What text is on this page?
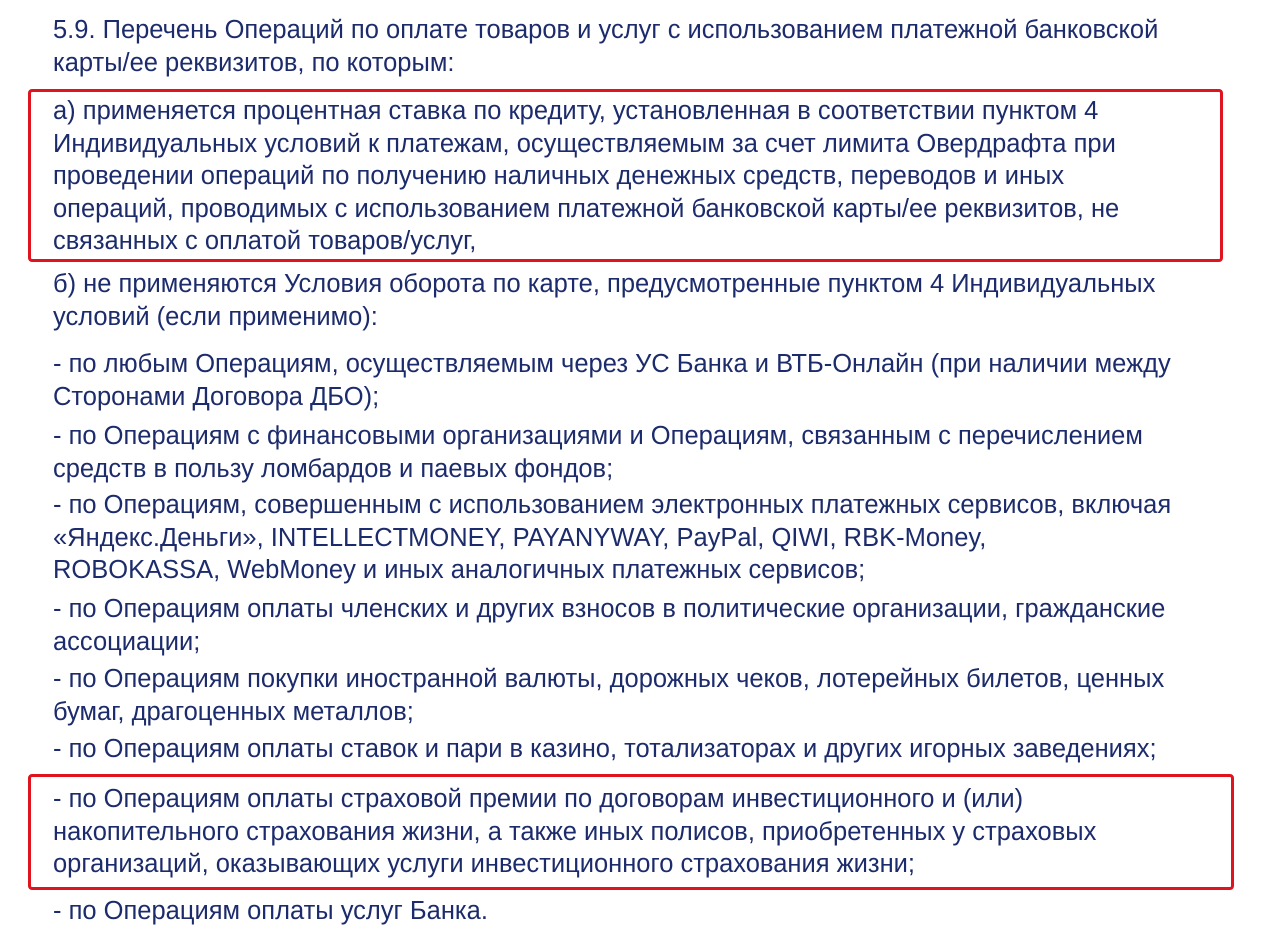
5.9. Перечень Операций по оплате товаров и услуг с использованием платежной банковской
карты/ее реквизитов, по которым:

а) применяется процентная ставка по кредиту, установленная в соответствии пунктом 4
Индивидуальных условий к платежам, осуществляемым за счет лимита Овердрафта при
проведении операций по получению наличных денежных средств, переводов и иных
операций, проводимых с использованием платежной банковской карты/ее реквизитов, не
связанных с оплатой товаров/услуг,

б) не применяются Условия оборота по карте, предусмотренные пунктом 4 Индивидуальных
условий (если применимо):

- по любым Операциям, осуществляемым через УС Банка и ВТБ-Онлайн (при наличии между
Сторонами Договора ДБО);

- по Операциям с финансовыми организациями и Операциям, связанным с перечислением
средств в пользу ломбардов и паевых фондов;

- по Операциям, совершенным с использованием электронных платежных сервисов, включая
«Яндекс.Деньги», INTELLECTMONEY, PAYANYWAY, PayPal, QIWI, RBK-Money,
ROBOKASSA, WebMoney и иных аналогичных платежных сервисов;

- по Операциям оплаты членских и других взносов в политические организации, гражданские
ассоциации;

- по Операциям покупки иностранной валюты, дорожных чеков, лотерейных билетов, ценных
бумаг, драгоценных металлов;

- по Операциям оплаты ставок и пари в казино, тотализаторах и других игорных заведениях;

- по Операциям оплаты страховой премии по договорам инвестиционного и (или)
накопительного страхования жизни, а также иных полисов, приобретенных у страховых
организаций, оказывающих услуги инвестиционного страхования жизни;

- по Операциям оплаты услуг Банка.
